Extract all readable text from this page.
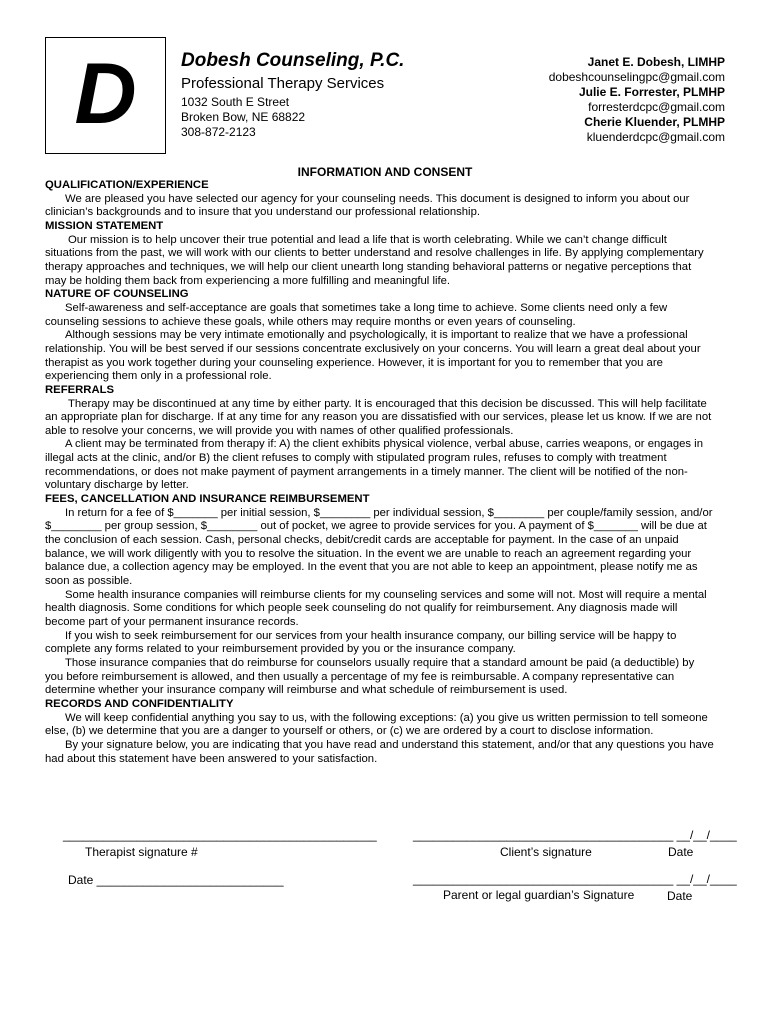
D	Dobesh Counseling, P.C.
Professional Therapy Services
1032 South E Street
Broken Bow, NE 68822
308-872-2123
Janet E. Dobesh, LIMHP
dobeshcounselingpc@gmail.com
Julie E. Forrester, PLMHP
forresterdcpc@gmail.com
Cherie Kluender, PLMHP
kluenderdcpc@gmail.com
INFORMATION AND CONSENT
QUALIFICATION/EXPERIENCE

We are pleased you have selected our agency for your counseling needs. This document is designed to inform you about our clinician’s backgrounds and to insure that you understand our professional relationship.

MISSION STATEMENT

Our mission is to help uncover their true potential and lead a life that is worth celebrating. While we can’t change difficult situations from the past, we will work with our clients to better understand and resolve challenges in life. By applying complementary therapy approaches and techniques, we will help our client unearth long standing behavioral patterns or negative perceptions that may be holding them back from experiencing a more fulfilling and meaningful life.

NATURE OF COUNSELING

Self-awareness and self-acceptance are goals that sometimes take a long time to achieve. Some clients need only a few counseling sessions to achieve these goals, while others may require months or even years of counseling.

Although sessions may be very intimate emotionally and psychologically, it is important to realize that we have a professional relationship. You will be best served if our sessions concentrate exclusively on your concerns. You will learn a great deal about your therapist as you work together during your counseling experience. However, it is important for you to remember that you are experiencing them only in a professional role.

REFERRALS

Therapy may be discontinued at any time by either party. It is encouraged that this decision be discussed. This will help facilitate an appropriate plan for discharge. If at any time for any reason you are dissatisfied with our services, please let us know. If we are not able to resolve your concerns, we will provide you with names of other qualified professionals.

A client may be terminated from therapy if: A) the client exhibits physical violence, verbal abuse, carries weapons, or engages in illegal acts at the clinic, and/or B) the client refuses to comply with stipulated program rules, refuses to comply with treatment recommendations, or does not make payment of payment arrangements in a timely manner. The client will be notified of the non-voluntary discharge by letter.

FEES, CANCELLATION AND INSURANCE REIMBURSEMENT

In return for a fee of $_______ per initial session, $________ per individual session, $________ per couple/family session, and/or $________ per group session, $________ out of pocket, we agree to provide services for you. A payment of $_______ will be due at the conclusion of each session. Cash, personal checks, debit/credit cards are acceptable for payment. In the case of an unpaid balance, we will work diligently with you to resolve the situation. In the event we are unable to reach an agreement regarding your balance due, a collection agency may be employed. In the event that you are not able to keep an appointment, please notify me as soon as possible.

Some health insurance companies will reimburse clients for my counseling services and some will not. Most will require a mental health diagnosis. Some conditions for which people seek counseling do not qualify for reimbursement. Any diagnosis made will become part of your permanent insurance records.

If you wish to seek reimbursement for our services from your health insurance company, our billing service will be happy to complete any forms related to your reimbursement provided by you or the insurance company.

Those insurance companies that do reimburse for counselors usually require that a standard amount be paid (a deductible) by you before reimbursement is allowed, and then usually a percentage of my fee is reimbursable. A company representative can determine whether your insurance company will reimburse and what schedule of reimbursement is used.

RECORDS AND CONFIDENTIALITY

We will keep confidential anything you say to us, with the following exceptions: (a) you give us written permission to tell someone else, (b) we determine that you are a danger to yourself or others, or (c) we are ordered by a court to disclose information.

By your signature below, you are indicating that you have read and understand this statement, and/or that any questions you have had about this statement have been answered to your satisfaction.

_______________________________________________
Therapist signature #
Date ____________________________
_______________________________________ __/__/____
Client’s signature	Date
_______________________________________ __/__/____
Parent or legal guardian’s Signature	Date
